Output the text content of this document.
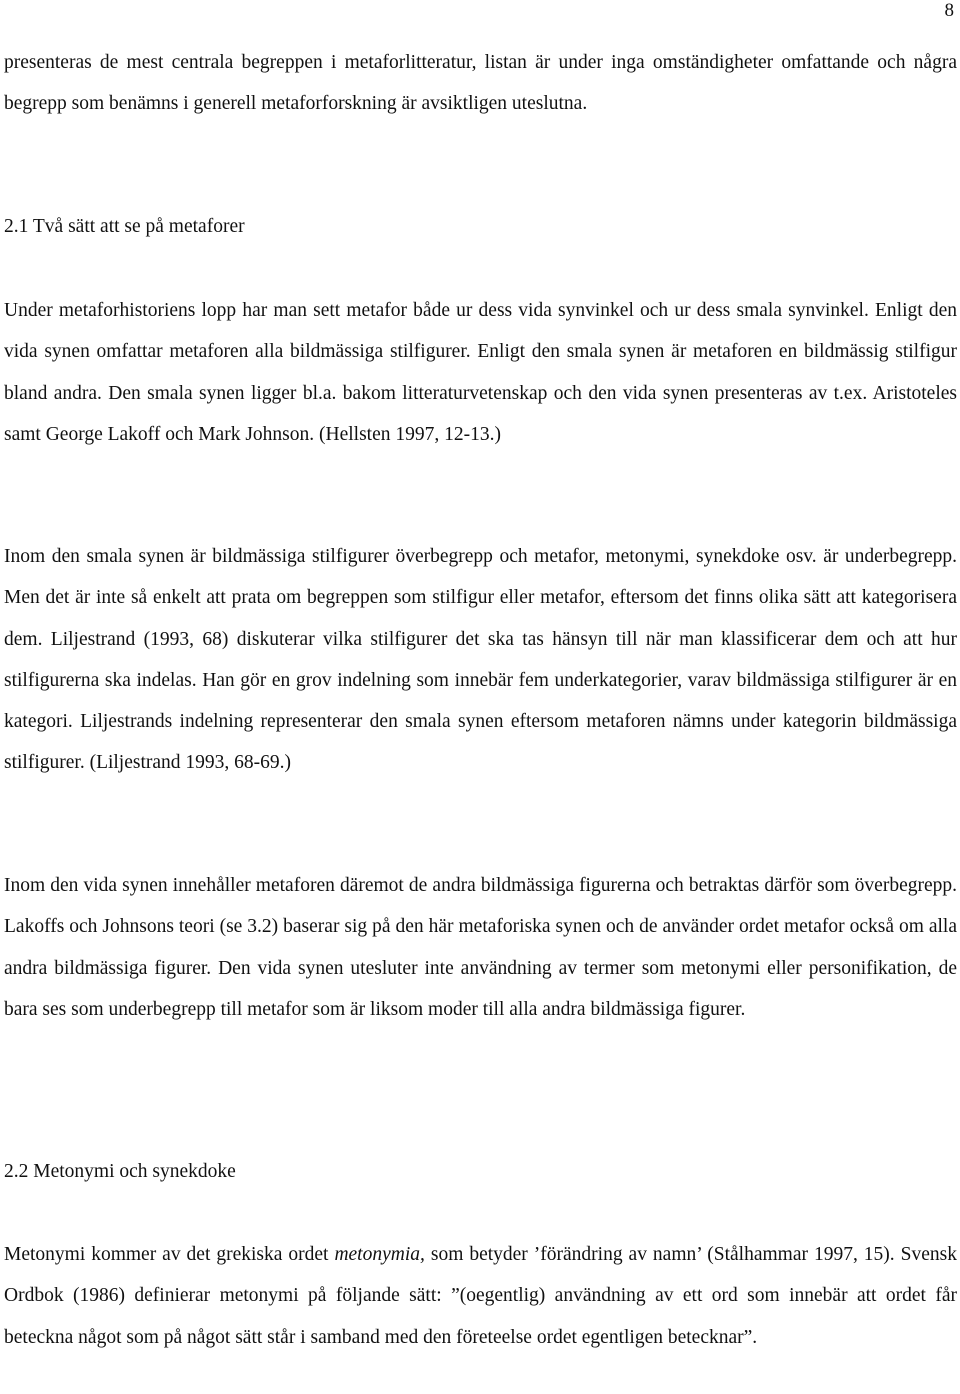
8

presenteras de mest centrala begreppen i metaforlitteratur, listan är under inga omständigheter omfattande och några begrepp som benämns i generell metaforforskning är avsiktligen uteslutna.

2.1 Två sätt att se på metaforer

Under metaforhistoriens lopp har man sett metafor både ur dess vida synvinkel och ur dess smala synvinkel. Enligt den vida synen omfattar metaforen alla bildmässiga stilfigurer. Enligt den smala synen är metaforen en bildmässig stilfigur bland andra. Den smala synen ligger bl.a. bakom litteraturvetenskap och den vida synen presenteras av t.ex. Aristoteles samt George Lakoff och Mark Johnson. (Hellsten 1997, 12-13.)

Inom den smala synen är bildmässiga stilfigurer överbegrepp och metafor, metonymi, synekdoke osv. är underbegrepp. Men det är inte så enkelt att prata om begreppen som stilfigur eller metafor, eftersom det finns olika sätt att kategorisera dem. Liljestrand (1993, 68) diskuterar vilka stilfigurer det ska tas hänsyn till när man klassificerar dem och att hur stilfigurerna ska indelas. Han gör en grov indelning som innebär fem underkategorier, varav bildmässiga stilfigurer är en kategori. Liljestrands indelning representerar den smala synen eftersom metaforen nämns under kategorin bildmässiga stilfigurer. (Liljestrand 1993, 68-69.)

Inom den vida synen innehåller metaforen däremot de andra bildmässiga figurerna och betraktas därför som överbegrepp. Lakoffs och Johnsons teori (se 3.2) baserar sig på den här metaforiska synen och de använder ordet metafor också om alla andra bildmässiga figurer. Den vida synen utesluter inte användning av termer som metonymi eller personifikation, de bara ses som underbegrepp till metafor som är liksom moder till alla andra bildmässiga figurer.

2.2 Metonymi och synekdoke

Metonymi kommer av det grekiska ordet metonymia, som betyder ’förändring av namn’ (Stålhammar 1997, 15). Svensk Ordbok (1986) definierar metonymi på följande sätt: ”(oegentlig) användning av ett ord som innebär att ordet får beteckna något som på något sätt står i samband med den företeelse ordet egentligen betecknar”.
